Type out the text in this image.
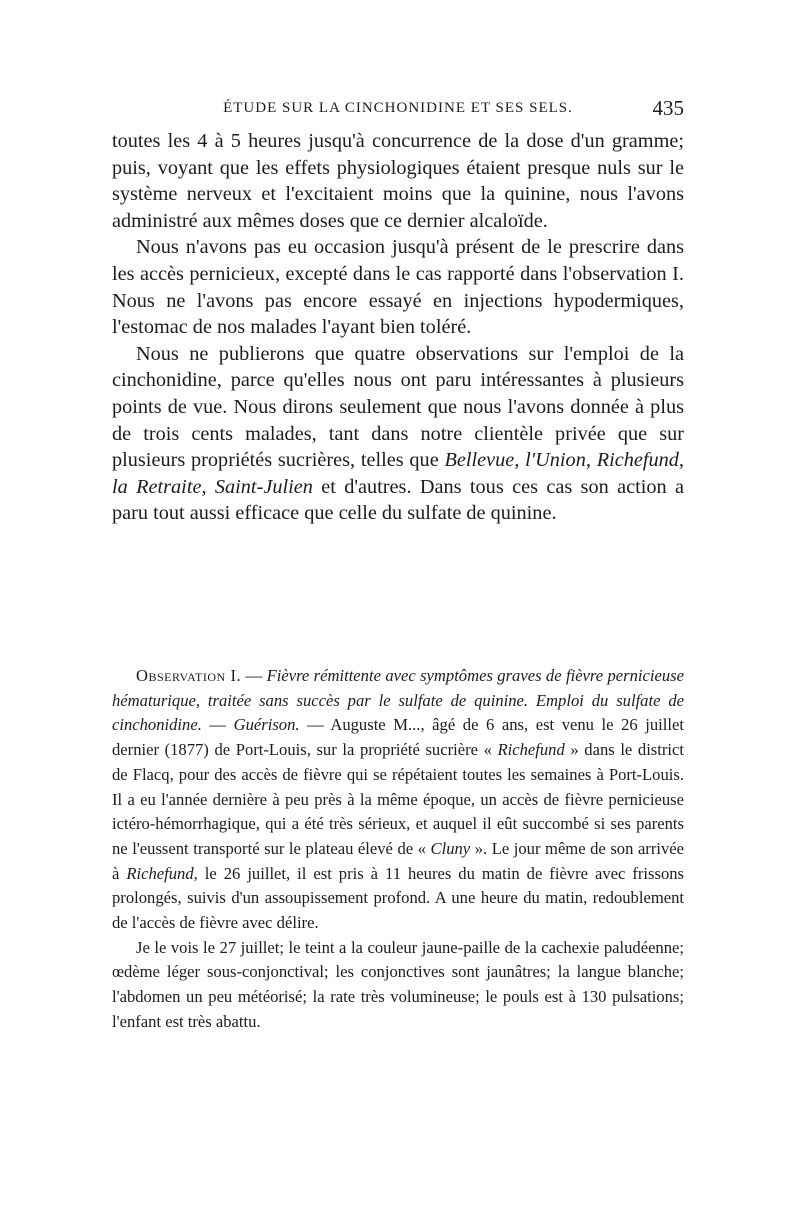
ÉTUDE SUR LA CINCHONIDINE ET SES SELS.	435

toutes les 4 à 5 heures jusqu'à concurrence de la dose d'un gramme; puis, voyant que les effets physiologiques étaient presque nuls sur le système nerveux et l'excitaient moins que la quinine, nous l'avons administré aux mêmes doses que ce dernier alcaloïde.

Nous n'avons pas eu occasion jusqu'à présent de le prescrire dans les accès pernicieux, excepté dans le cas rapporté dans l'observation I. Nous ne l'avons pas encore essayé en injections hypodermiques, l'estomac de nos malades l'ayant bien toléré.

Nous ne publierons que quatre observations sur l'emploi de la cinchonidine, parce qu'elles nous ont paru intéressantes à plusieurs points de vue. Nous dirons seulement que nous l'avons donnée à plus de trois cents malades, tant dans notre clientèle privée que sur plusieurs propriétés sucrières, telles que Bellevue, l'Union, Richefund, la Retraite, Saint-Julien et d'autres. Dans tous ces cas son action a paru tout aussi efficace que celle du sulfate de quinine.

Observation I. — Fièvre rémittente avec symptômes graves de fièvre pernicieuse hématurique, traitée sans succès par le sulfate de quinine. Emploi du sulfate de cinchonidine. — Guérison. — Auguste M..., âgé de 6 ans, est venu le 26 juillet dernier (1877) de Port-Louis, sur la propriété sucrière « Richefund » dans le district de Flacq, pour des accès de fièvre qui se répétaient toutes les semaines à Port-Louis. Il a eu l'année dernière à peu près à la même époque, un accès de fièvre pernicieuse ictéro-hémorrhagique, qui a été très sérieux, et auquel il eût succombé si ses parents ne l'eussent transporté sur le plateau élevé de « Cluny ». Le jour même de son arrivée à Richefund, le 26 juillet, il est pris à 11 heures du matin de fièvre avec frissons prolongés, suivis d'un assoupissement profond. A une heure du matin, redoublement de l'accès de fièvre avec délire.

Je le vois le 27 juillet; le teint a la couleur jaune-paille de la cachexie paludéenne; œdème léger sous-conjonctival; les conjonctives sont jaunâtres; la langue blanche; l'abdomen un peu météorisé; la rate très volumineuse; le pouls est à 130 pulsations; l'enfant est très abattu.
